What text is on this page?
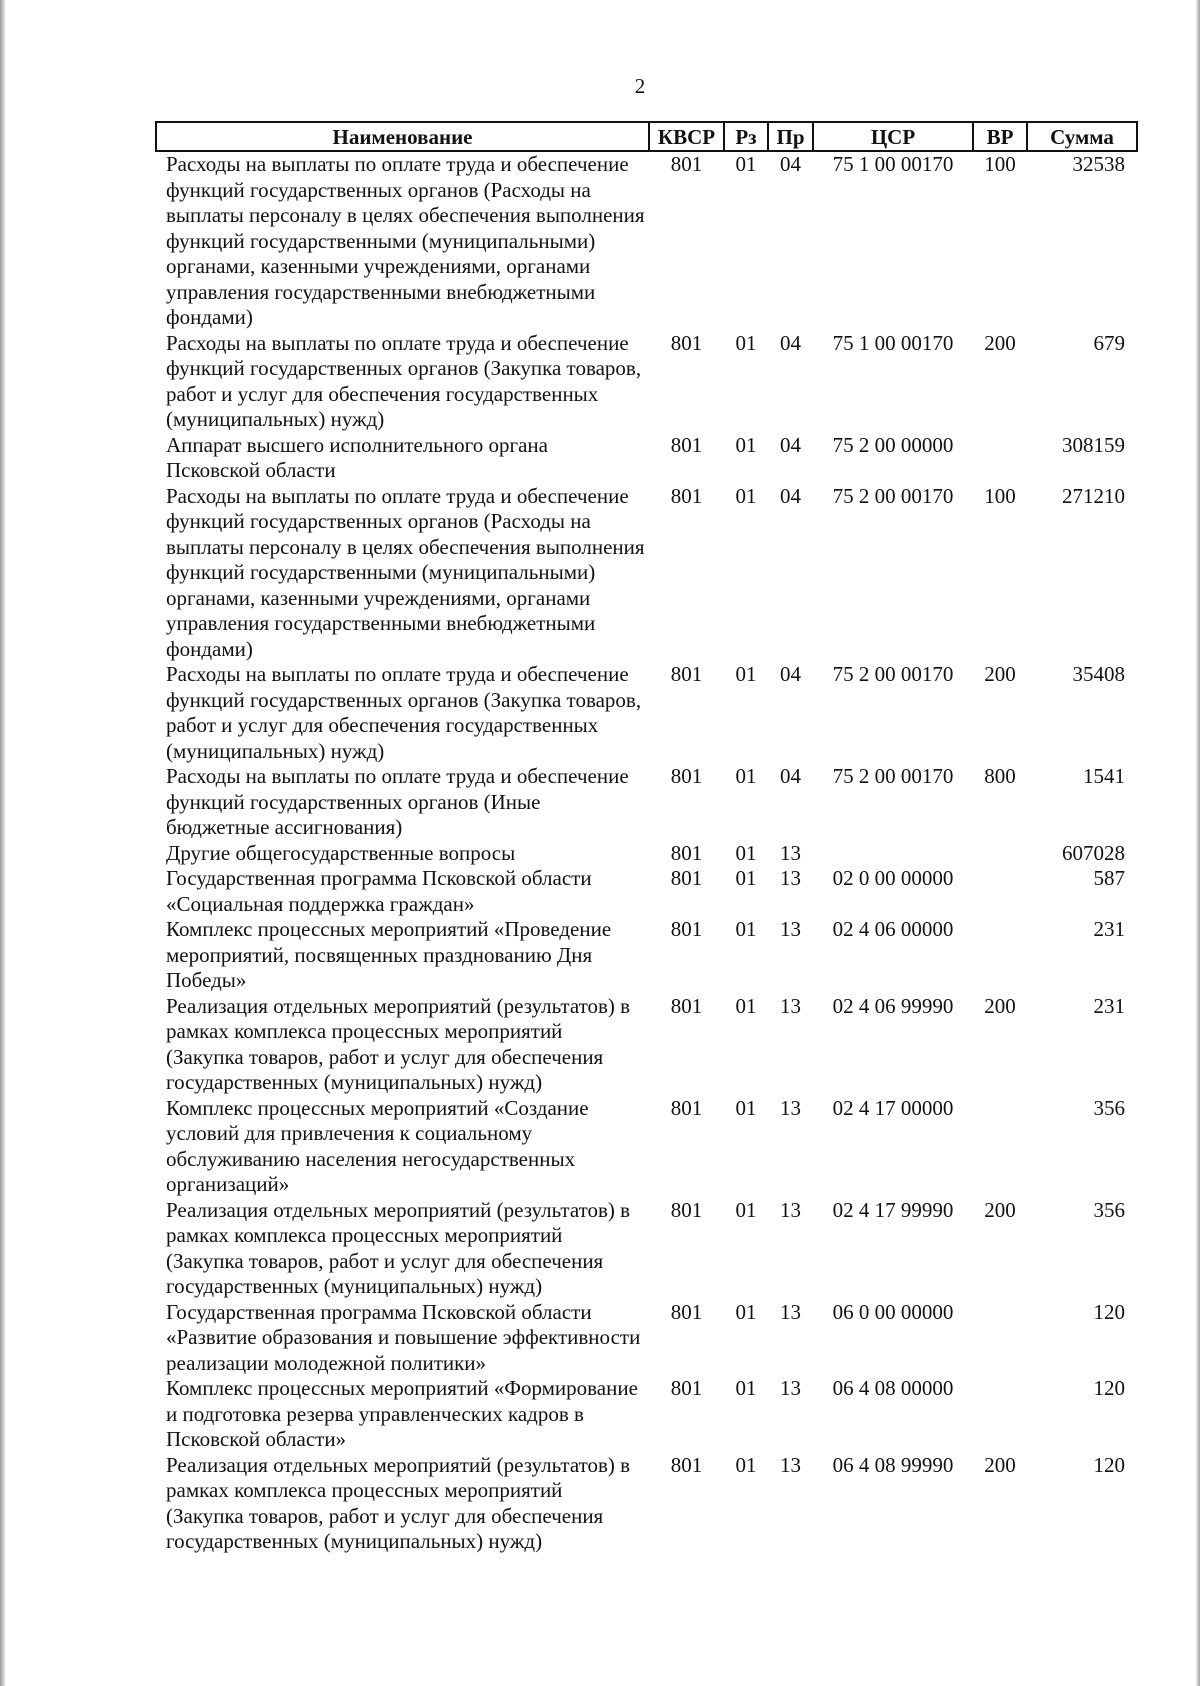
2
Наименование	КВСР	Рз	Пр	ЦСР	ВР	Сумма
Расходы на выплаты по оплате труда и обеспечение функций государственных органов (Расходы на выплаты персоналу в целях обеспечения выполнения функций государственными (муниципальными) органами, казенными учреждениями, органами управления государственными внебюджетными фондами)	801	01	04	75 1 00 00170	100	32538
Расходы на выплаты по оплате труда и обеспечение функций государственных органов (Закупка товаров, работ и услуг для обеспечения государственных (муниципальных) нужд)	801	01	04	75 1 00 00170	200	679
Аппарат высшего исполнительного органа Псковской области	801	01	04	75 2 00 00000		308159
Расходы на выплаты по оплате труда и обеспечение функций государственных органов (Расходы на выплаты персоналу в целях обеспечения выполнения функций государственными (муниципальными) органами, казенными учреждениями, органами управления государственными внебюджетными фондами)	801	01	04	75 2 00 00170	100	271210
Расходы на выплаты по оплате труда и обеспечение функций государственных органов (Закупка товаров, работ и услуг для обеспечения государственных (муниципальных) нужд)	801	01	04	75 2 00 00170	200	35408
Расходы на выплаты по оплате труда и обеспечение функций государственных органов (Иные бюджетные ассигнования)	801	01	04	75 2 00 00170	800	1541
Другие общегосударственные вопросы	801	01	13			607028
Государственная программа Псковской области «Социальная поддержка граждан»	801	01	13	02 0 00 00000		587
Комплекс процессных мероприятий «Проведение мероприятий, посвященных празднованию Дня Победы»	801	01	13	02 4 06 00000		231
Реализация отдельных мероприятий (результатов) в рамках комплекса процессных мероприятий (Закупка товаров, работ и услуг для обеспечения государственных (муниципальных) нужд)	801	01	13	02 4 06 99990	200	231
Комплекс процессных мероприятий «Создание условий для привлечения к социальному обслуживанию населения негосударственных организаций»	801	01	13	02 4 17 00000		356
Реализация отдельных мероприятий (результатов) в рамках комплекса процессных мероприятий (Закупка товаров, работ и услуг для обеспечения государственных (муниципальных) нужд)	801	01	13	02 4 17 99990	200	356
Государственная программа Псковской области «Развитие образования и повышение эффективности реализации молодежной политики»	801	01	13	06 0 00 00000		120
Комплекс процессных мероприятий «Формирование и подготовка резерва управленческих кадров в Псковской области»	801	01	13	06 4 08 00000		120
Реализация отдельных мероприятий (результатов) в рамках комплекса процессных мероприятий (Закупка товаров, работ и услуг для обеспечения государственных (муниципальных) нужд)	801	01	13	06 4 08 99990	200	120
